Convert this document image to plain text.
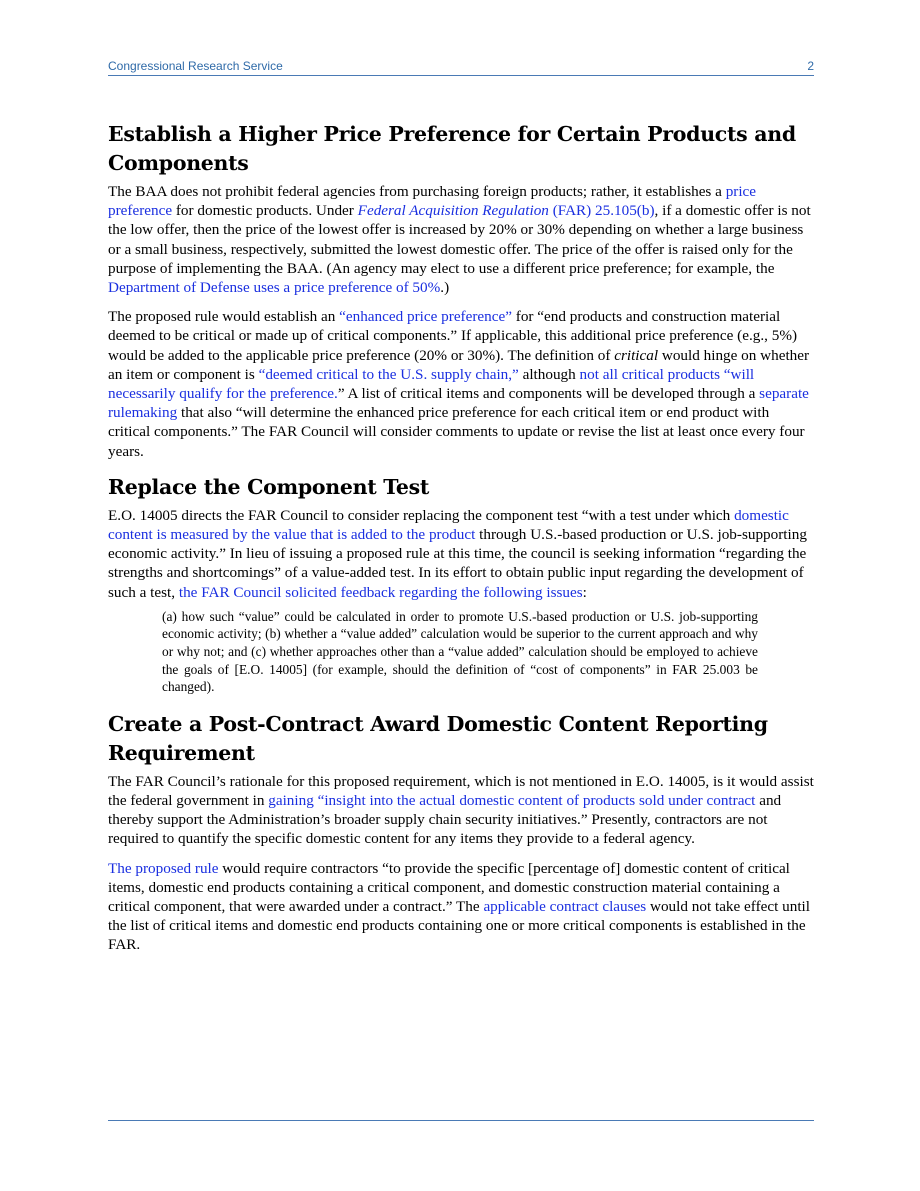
Congressional Research Service	2
Establish a Higher Price Preference for Certain Products and Components

The BAA does not prohibit federal agencies from purchasing foreign products; rather, it establishes a price preference for domestic products. Under Federal Acquisition Regulation (FAR) 25.105(b), if a domestic offer is not the low offer, then the price of the lowest offer is increased by 20% or 30% depending on whether a large business or a small business, respectively, submitted the lowest domestic offer. The price of the offer is raised only for the purpose of implementing the BAA. (An agency may elect to use a different price preference; for example, the Department of Defense uses a price preference of 50%.)

The proposed rule would establish an “enhanced price preference” for “end products and construction material deemed to be critical or made up of critical components.” If applicable, this additional price preference (e.g., 5%) would be added to the applicable price preference (20% or 30%). The definition of critical would hinge on whether an item or component is “deemed critical to the U.S. supply chain,” although not all critical products “will necessarily qualify for the preference.” A list of critical items and components will be developed through a separate rulemaking that also “will determine the enhanced price preference for each critical item or end product with critical components.” The FAR Council will consider comments to update or revise the list at least once every four years.

Replace the Component Test

E.O. 14005 directs the FAR Council to consider replacing the component test “with a test under which domestic content is measured by the value that is added to the product through U.S.-based production or U.S. job-supporting economic activity.” In lieu of issuing a proposed rule at this time, the council is seeking information “regarding the strengths and shortcomings” of a value-added test. In its effort to obtain public input regarding the development of such a test, the FAR Council solicited feedback regarding the following issues:

(a) how such “value” could be calculated in order to promote U.S.-based production or U.S. job-supporting economic activity; (b) whether a “value added” calculation would be superior to the current approach and why or why not; and (c) whether approaches other than a “value added” calculation should be employed to achieve the goals of [E.O. 14005] (for example, should the definition of “cost of components” in FAR 25.003 be changed).
Create a Post-Contract Award Domestic Content Reporting Requirement

The FAR Council’s rationale for this proposed requirement, which is not mentioned in E.O. 14005, is it would assist the federal government in gaining “insight into the actual domestic content of products sold under contract and thereby support the Administration’s broader supply chain security initiatives.” Presently, contractors are not required to quantify the specific domestic content for any items they provide to a federal agency.

The proposed rule would require contractors “to provide the specific [percentage of] domestic content of critical items, domestic end products containing a critical component, and domestic construction material containing a critical component, that were awarded under a contract.” The applicable contract clauses would not take effect until the list of critical items and domestic end products containing one or more critical components is established in the FAR.
